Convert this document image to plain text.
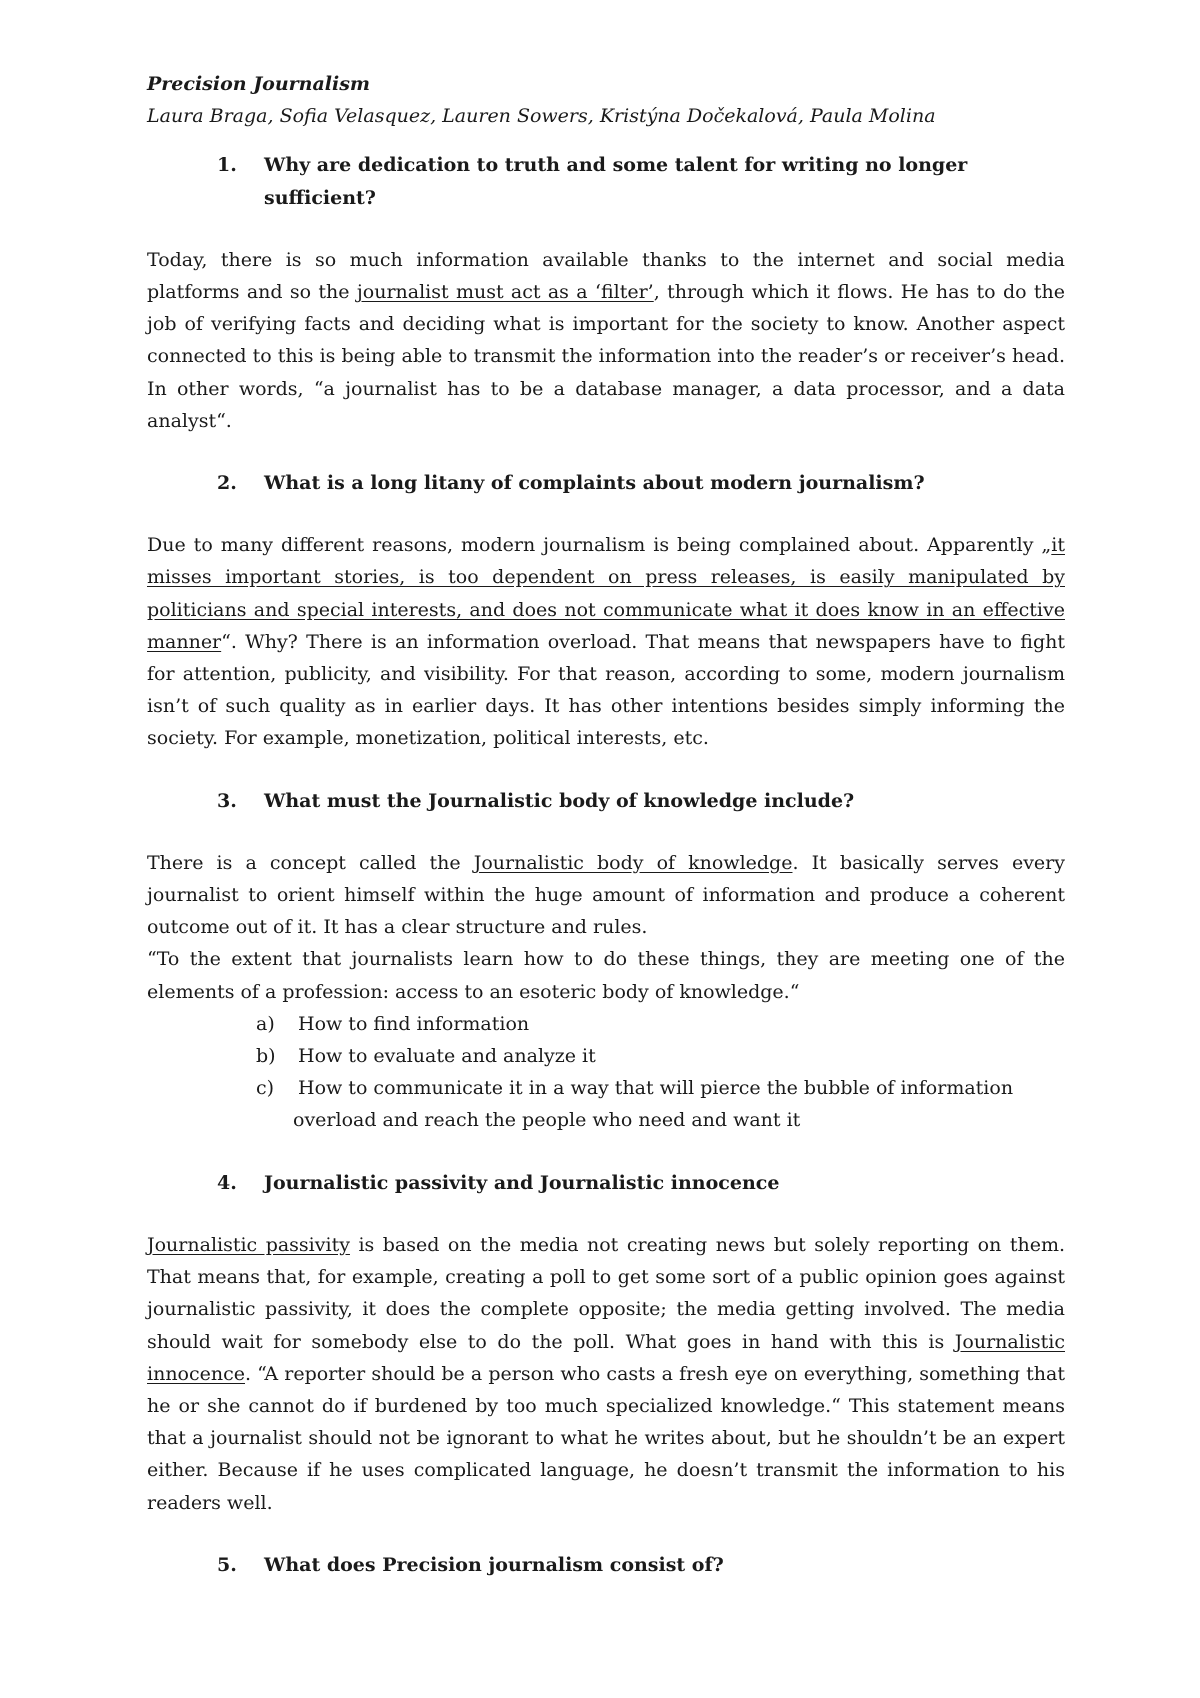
Precision Journalism

Laura Braga, Sofia Velasquez, Lauren Sowers, Kristýna Dočekalová, Paula Molina

1. Why are dedication to truth and some talent for writing no longer sufficient?

Today, there is so much information available thanks to the internet and social media platforms and so the journalist must act as a ‘filter’, through which it flows. He has to do the job of verifying facts and deciding what is important for the society to know. Another aspect connected to this is being able to transmit the information into the reader’s or receiver’s head. In other words, “a journalist has to be a database manager, a data processor, and a data analyst“.

2. What is a long litany of complaints about modern journalism?

Due to many different reasons, modern journalism is being complained about. Apparently „it misses important stories, is too dependent on press releases, is easily manipulated by politicians and special interests, and does not communicate what it does know in an effective manner“. Why? There is an information overload. That means that newspapers have to fight for attention, publicity, and visibility. For that reason, according to some, modern journalism isn’t of such quality as in earlier days. It has other intentions besides simply informing the society. For example, monetization, political interests, etc.

3. What must the Journalistic body of knowledge include?

There is a concept called the Journalistic body of knowledge. It basically serves every journalist to orient himself within the huge amount of information and produce a coherent outcome out of it. It has a clear structure and rules.

“To the extent that journalists learn how to do these things, they are meeting one of the elements of a profession: access to an esoteric body of knowledge.“

a) How to find information
b) How to evaluate and analyze it
c) How to communicate it in a way that will pierce the bubble of information
overload and reach the people who need and want it

4. Journalistic passivity and Journalistic innocence

Journalistic passivity is based on the media not creating news but solely reporting on them. That means that, for example, creating a poll to get some sort of a public opinion goes against journalistic passivity, it does the complete opposite; the media getting involved. The media should wait for somebody else to do the poll. What goes in hand with this is Journalistic innocence. “A reporter should be a person who casts a fresh eye on everything, something that he or she cannot do if burdened by too much specialized knowledge.“ This statement means that a journalist should not be ignorant to what he writes about, but he shouldn’t be an expert either. Because if he uses complicated language, he doesn’t transmit the information to his readers well.

5. What does Precision journalism consist of?
